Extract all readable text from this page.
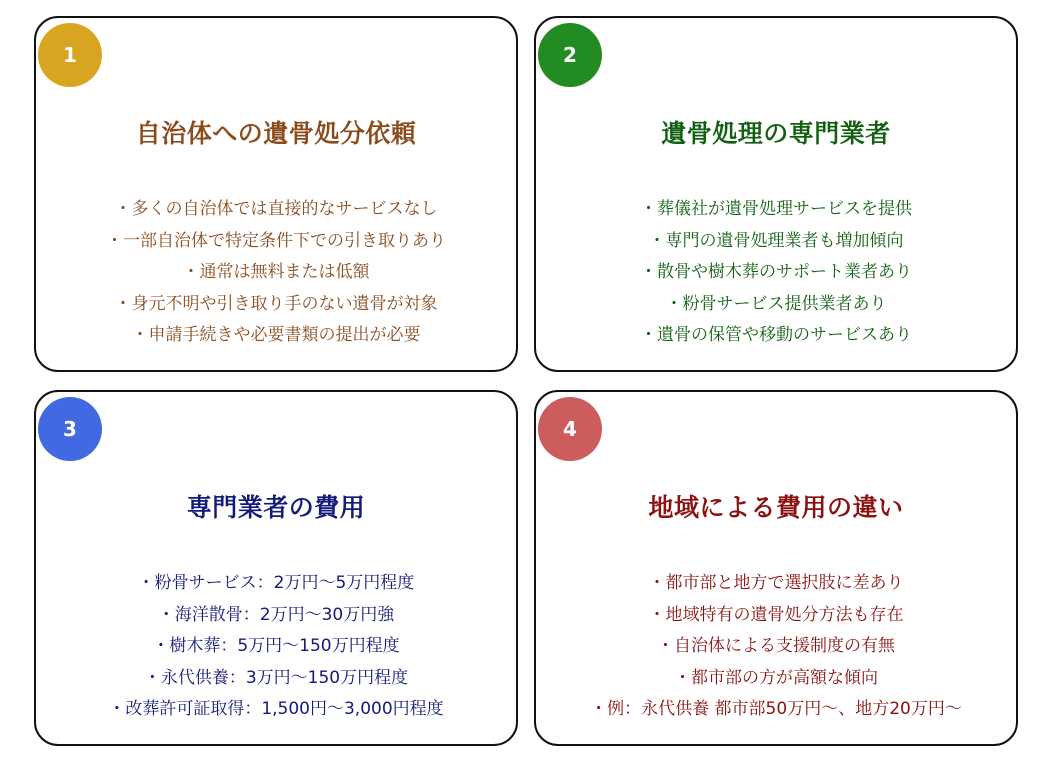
1
自治体への遺骨処分依頼
・多くの自治体では直接的なサービスなし
・一部自治体で特定条件下での引き取りあり
・通常は無料または低額
・身元不明や引き取り手のない遺骨が対象
・申請手続きや必要書類の提出が必要
2
遺骨処理の専門業者
・葬儀社が遺骨処理サービスを提供
・専門の遺骨処理業者も増加傾向
・散骨や樹木葬のサポート業者あり
・粉骨サービス提供業者あり
・遺骨の保管や移動のサービスあり
3
専門業者の費用
・粉骨サービス：2万円〜5万円程度
・海洋散骨：2万円〜30万円強
・樹木葬：5万円〜150万円程度
・永代供養：3万円〜150万円程度
・改葬許可証取得：1,500円〜3,000円程度
4
地域による費用の違い
・都市部と地方で選択肢に差あり
・地域特有の遺骨処分方法も存在
・自治体による支援制度の有無
・都市部の方が高額な傾向
・例：永代供養 都市部50万円〜、地方20万円〜
